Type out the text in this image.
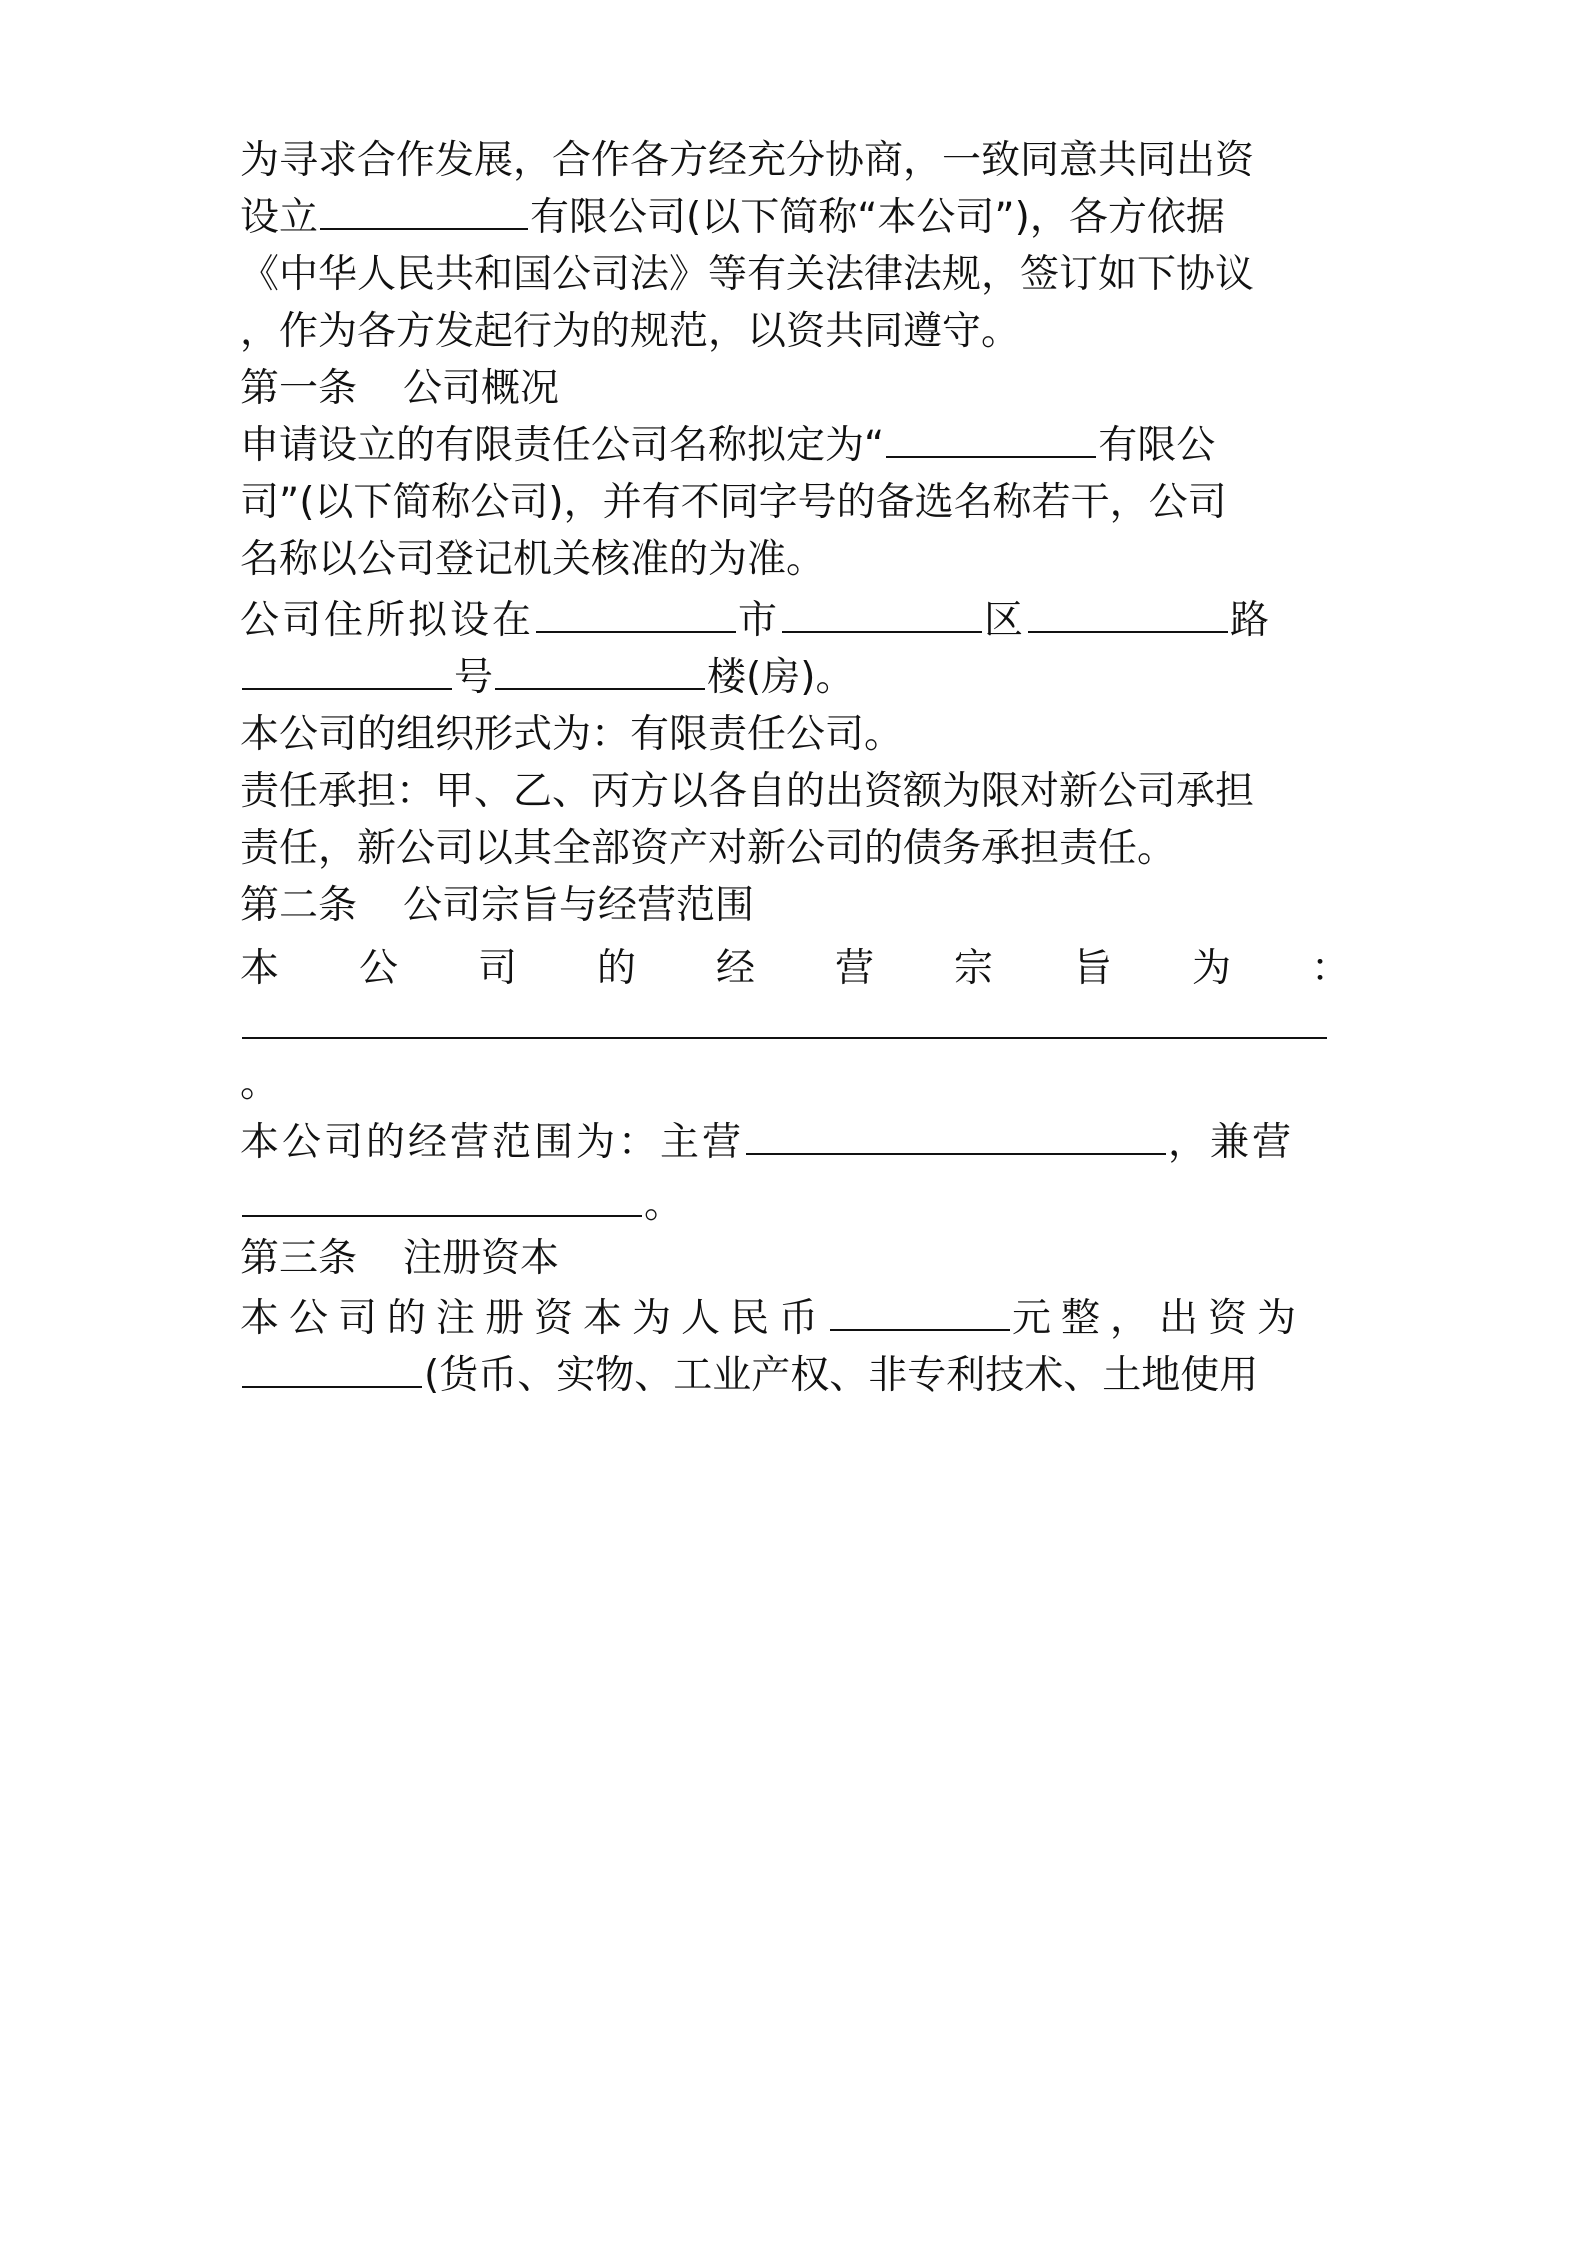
为寻求合作发展，合作各方经充分协商，一致同意共同出资

设立	有限公司(以下简称“本公司”)，各方依据

《中华人民共和国公司法》等有关法律法规，签订如下协议

，作为各方发起行为的规范，以资共同遵守。

第一条 公司概况

申请设立的有限责任公司名称拟定为“	有限公

司”(以下简称公司)，并有不同字号的备选名称若干，公司

名称以公司登记机关核准的为准。

公司住所拟设在	市	区	路

号	楼(房)。

本公司的组织形式为：有限责任公司。

责任承担：甲、乙、丙方以各自的出资额为限对新公司承担

责任，新公司以其全部资产对新公司的债务承担责任。

第二条 公司宗旨与经营范围

本公司的经营宗旨为：

。

本公司的经营范围为：主营	，兼营

。

第三条 注册资本

本公司的注册资本为人民币	元整，出资为

(货币、实物、工业产权、非专利技术、土地使用
